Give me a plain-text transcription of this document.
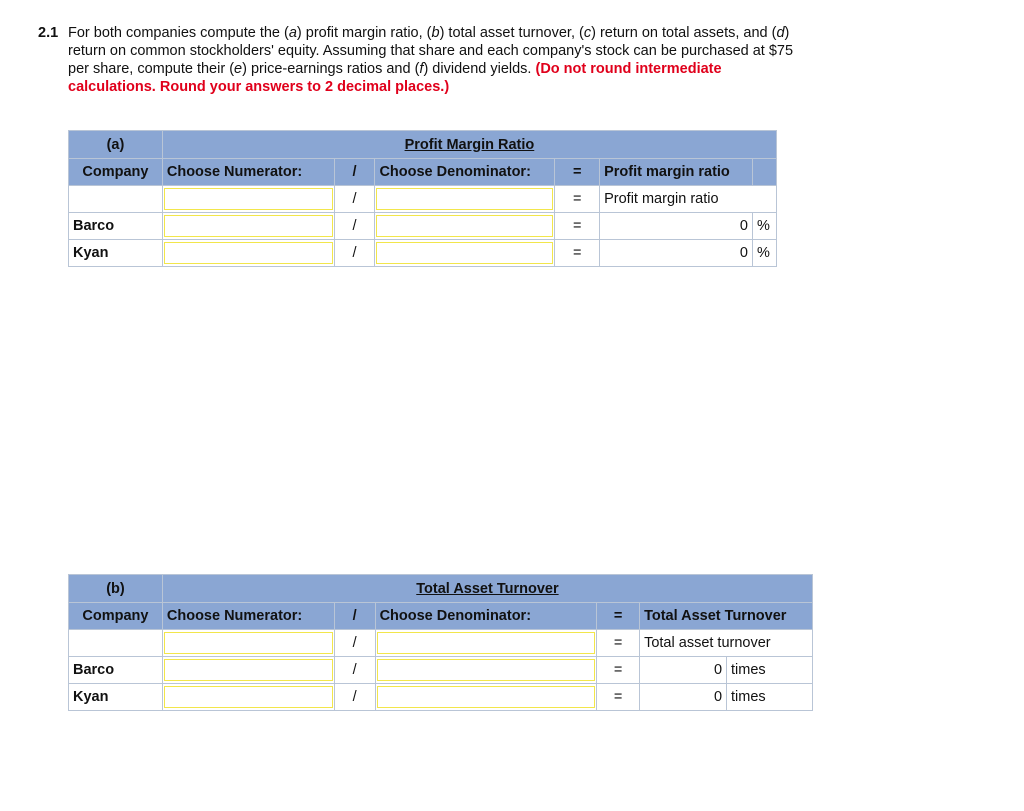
2.1 For both companies compute the (a) profit margin ratio, (b) total asset turnover, (c) return on total assets, and (d) return on common stockholders' equity. Assuming that share and each company's stock can be purchased at $75 per share, compute their (e) price-earnings ratios and (f) dividend yields. (Do not round intermediate calculations. Round your answers to 2 decimal places.)
(a)	Profit Margin Ratio					
Company	Choose Numerator:	/	Choose Denominator:	=	Profit margin ratio	
		/		=	Profit margin ratio	
Barco		/		=	0	%
Kyan		/		=	0	%
(b)	Total Asset Turnover					
Company	Choose Numerator:	/	Choose Denominator:	=	Total Asset Turnover	
		/		=	Total asset turnover	
Barco		/		=	0	times
Kyan		/		=	0	times
